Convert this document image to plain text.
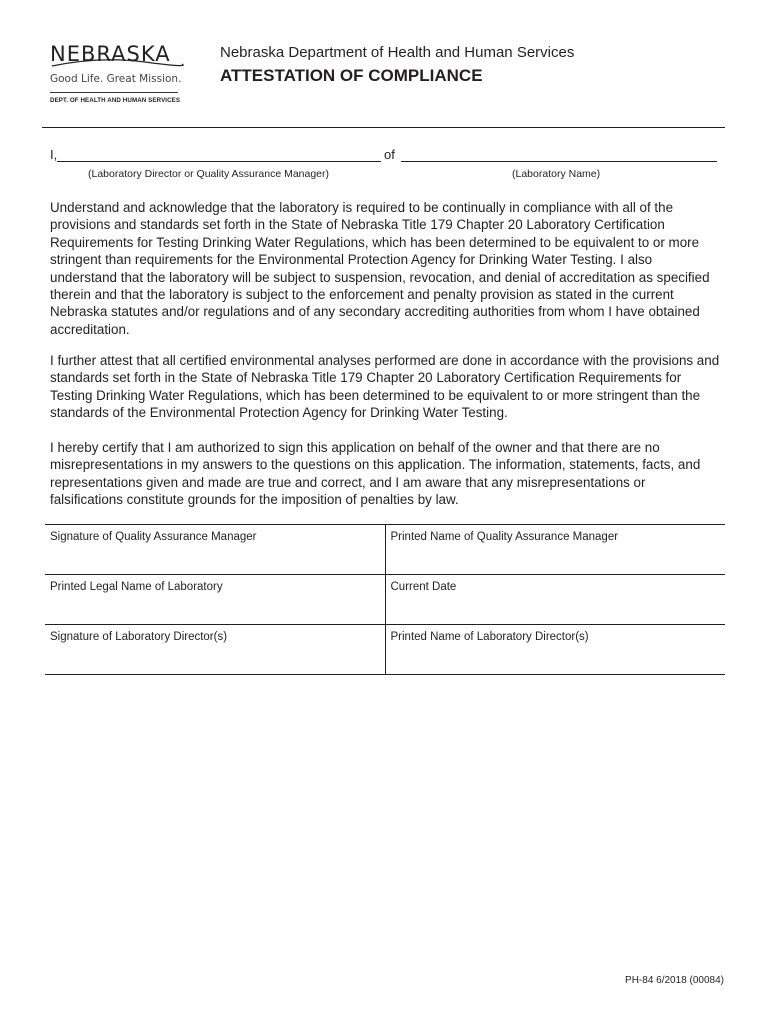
NEBRASKA
Good Life. Great Mission.
DEPT. OF HEALTH AND HUMAN SERVICES
Nebraska Department of Health and Human Services
ATTESTATION OF COMPLIANCE
I,	of
(Laboratory Director or Quality Assurance Manager)	(Laboratory Name)

Understand and acknowledge that the laboratory is required to be continually in compliance with all of the provisions and standards set forth in the State of Nebraska Title 179 Chapter 20 Laboratory Certification Requirements for Testing Drinking Water Regulations, which has been determined to be equivalent to or more stringent than requirements for the Environmental Protection Agency for Drinking Water Testing. I also understand that the laboratory will be subject to suspension, revocation, and denial of accreditation as specified therein and that the laboratory is subject to the enforcement and penalty provision as stated in the current Nebraska statutes and/or regulations and of any secondary accrediting authorities from whom I have obtained accreditation.

I further attest that all certified environmental analyses performed are done in accordance with the provisions and standards set forth in the State of Nebraska Title 179 Chapter 20 Laboratory Certification Requirements for Testing Drinking Water Regulations, which has been determined to be equivalent to or more stringent than the standards of the Environmental Protection Agency for Drinking Water Testing.

I hereby certify that I am authorized to sign this application on behalf of the owner and that there are no misrepresentations in my answers to the questions on this application. The information, statements, facts, and representations given and made are true and correct, and I am aware that any misrepresentations or falsifications constitute grounds for the imposition of penalties by law.

Signature of Quality Assurance Manager	Printed Name of Quality Assurance Manager
Printed Legal Name of Laboratory	Current Date
Signature of Laboratory Director(s)	Printed Name of Laboratory Director(s)
PH-84 6/2018 (00084)
